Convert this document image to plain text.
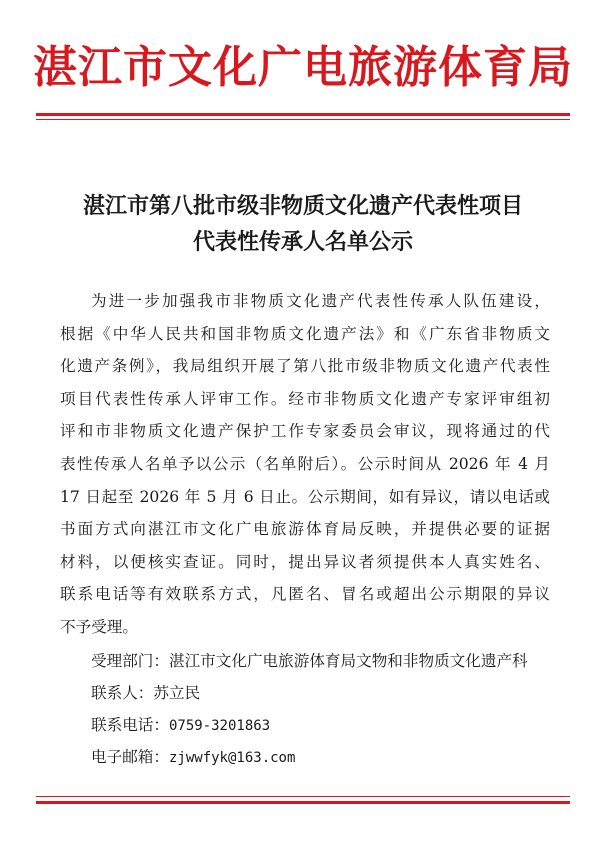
湛江市文化广电旅游体育局
湛江市第八批市级非物质文化遗产代表性项目
代表性传承人名单公示
为进一步加强我市非物质文化遗产代表性传承人队伍建设，
根据《中华人民共和国非物质文化遗产法》和《广东省非物质文
化遗产条例》，我局组织开展了第八批市级非物质文化遗产代表性
项目代表性传承人评审工作。经市非物质文化遗产专家评审组初
评和市非物质文化遗产保护工作专家委员会审议，现将通过的代
表性传承人名单予以公示（名单附后）。公示时间从 2026 年 4 月
17 日起至 2026 年 5 月 6 日止。公示期间，如有异议，请以电话或
书面方式向湛江市文化广电旅游体育局反映，并提供必要的证据
材料，以便核实查证。同时，提出异议者须提供本人真实姓名、
联系电话等有效联系方式，凡匿名、冒名或超出公示期限的异议
不予受理。
受理部门：湛江市文化广电旅游体育局文物和非物质文化遗产科
联系人：苏立民
联系电话：0759-3201863
电子邮箱：zjwwfyk@163.com
